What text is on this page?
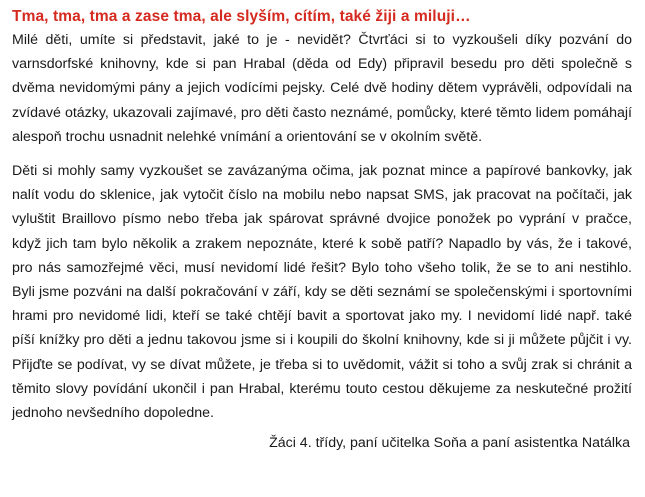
Tma, tma, tma a zase tma, ale slyším, cítím, také žiji a miluji…

Milé děti, umíte si představit, jaké to je - nevidět? Čtvrťáci si to vyzkoušeli díky pozvání do varnsdorfské knihovny, kde si pan Hrabal (děda od Edy) připravil besedu pro děti společně s dvěma nevidomými pány a jejich vodícími pejsky. Celé dvě hodiny dětem vyprávěli, odpovídali na zvídavé otázky, ukazovali zajímavé, pro děti často neznámé, pomůcky, které těmto lidem pomáhají alespoň trochu usnadnit nelehké vnímání a orientování se v okolním světě.

Děti si mohly samy vyzkoušet se zavázanýma očima, jak poznat mince a papírové bankovky, jak nalít vodu do sklenice, jak vytočit číslo na mobilu nebo napsat SMS, jak pracovat na počítači, jak vyluštit Braillovo písmo nebo třeba jak spárovat správné dvojice ponožek po vyprání v pračce, když jich tam bylo několik a zrakem nepoznáte, které k sobě patří? Napadlo by vás, že i takové, pro nás samozřejmé věci, musí nevidomí lidé řešit? Bylo toho všeho tolik, že se to ani nestihlo. Byli jsme pozváni na další pokračování v září, kdy se děti seznámí se společenskými i sportovními hrami pro nevidomé lidi, kteří se také chtějí bavit a sportovat jako my. I nevidomí lidé např. také píší knížky pro děti a jednu takovou jsme si i koupili do školní knihovny, kde si ji můžete půjčit i vy. Přijďte se podívat, vy se dívat můžete, je třeba si to uvědomit, vážit si toho a svůj zrak si chránit a těmito slovy povídání ukončil i pan Hrabal, kterému touto cestou děkujeme za neskutečné prožití jednoho nevšedního dopoledne.

Žáci 4. třídy, paní učitelka Soňa a paní asistentka Natálka
